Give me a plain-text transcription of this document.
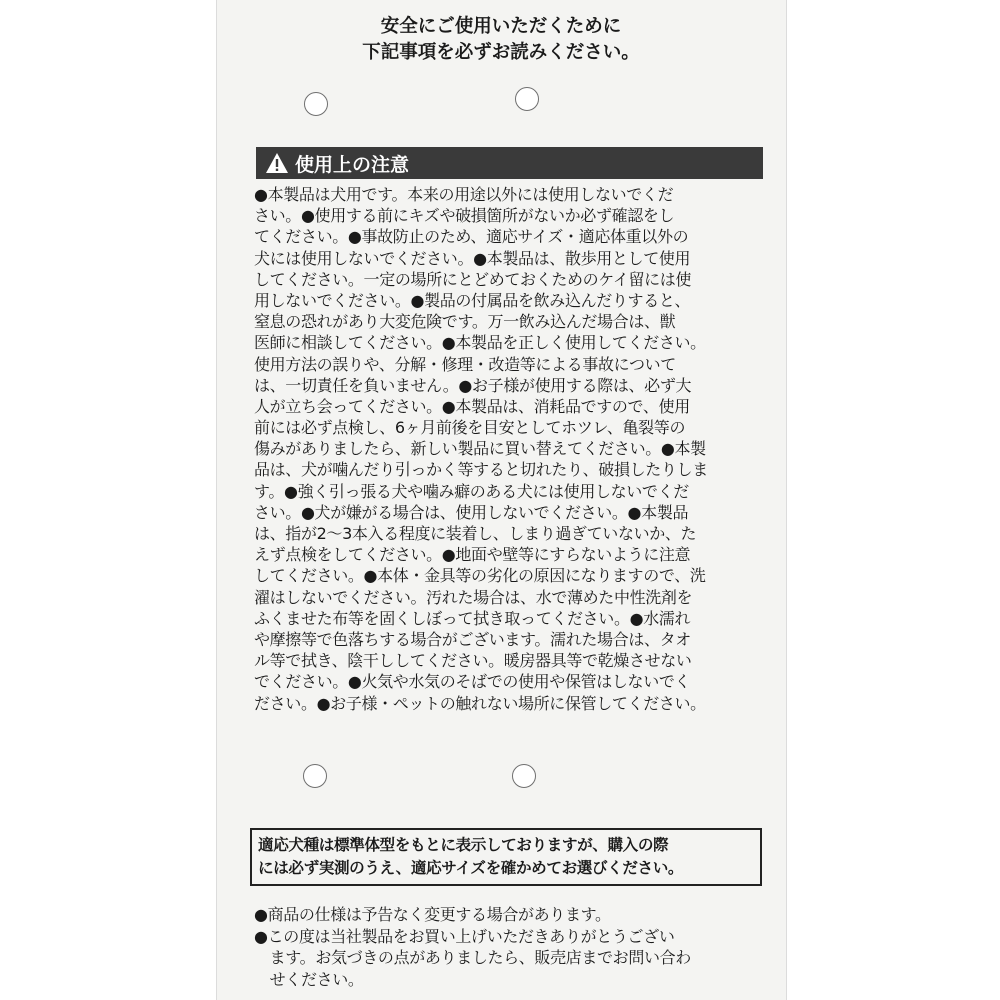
安全にご使用いただくために
下記事項を必ずお読みください。
使用上の注意
●本製品は犬用です。本来の用途以外には使用しないでくだ
さい。●使用する前にキズや破損箇所がないか必ず確認をし
てください。●事故防止のため、適応サイズ・適応体重以外の
犬には使用しないでください。●本製品は、散歩用として使用
してください。一定の場所にとどめておくためのケイ留には使
用しないでください。●製品の付属品を飲み込んだりすると、
窒息の恐れがあり大変危険です。万一飲み込んだ場合は、獣
医師に相談してください。●本製品を正しく使用してください。
使用方法の誤りや、分解・修理・改造等による事故について
は、一切責任を負いません。●お子様が使用する際は、必ず大
人が立ち会ってください。●本製品は、消耗品ですので、使用
前には必ず点検し、6ヶ月前後を目安としてホツレ、亀裂等の
傷みがありましたら、新しい製品に買い替えてください。●本製
品は、犬が噛んだり引っかく等すると切れたり、破損したりしま
す。●強く引っ張る犬や噛み癖のある犬には使用しないでくだ
さい。●犬が嫌がる場合は、使用しないでください。●本製品
は、指が2～3本入る程度に装着し、しまり過ぎていないか、た
えず点検をしてください。●地面や壁等にすらないように注意
してください。●本体・金具等の劣化の原因になりますので、洗
濯はしないでください。汚れた場合は、水で薄めた中性洗剤を
ふくませた布等を固くしぼって拭き取ってください。●水濡れ
や摩擦等で色落ちする場合がございます。濡れた場合は、タオ
ル等で拭き、陰干ししてください。暖房器具等で乾燥させない
でください。●火気や水気のそばでの使用や保管はしないでく
ださい。●お子様・ペットの触れない場所に保管してください。
適応犬種は標準体型をもとに表示しておりますが、購入の際
には必ず実測のうえ、適応サイズを確かめてお選びください。
●商品の仕様は予告なく変更する場合があります。
●この度は当社製品をお買い上げいただきありがとうござい
　ます。お気づきの点がありましたら、販売店までお問い合わ
　せください。
